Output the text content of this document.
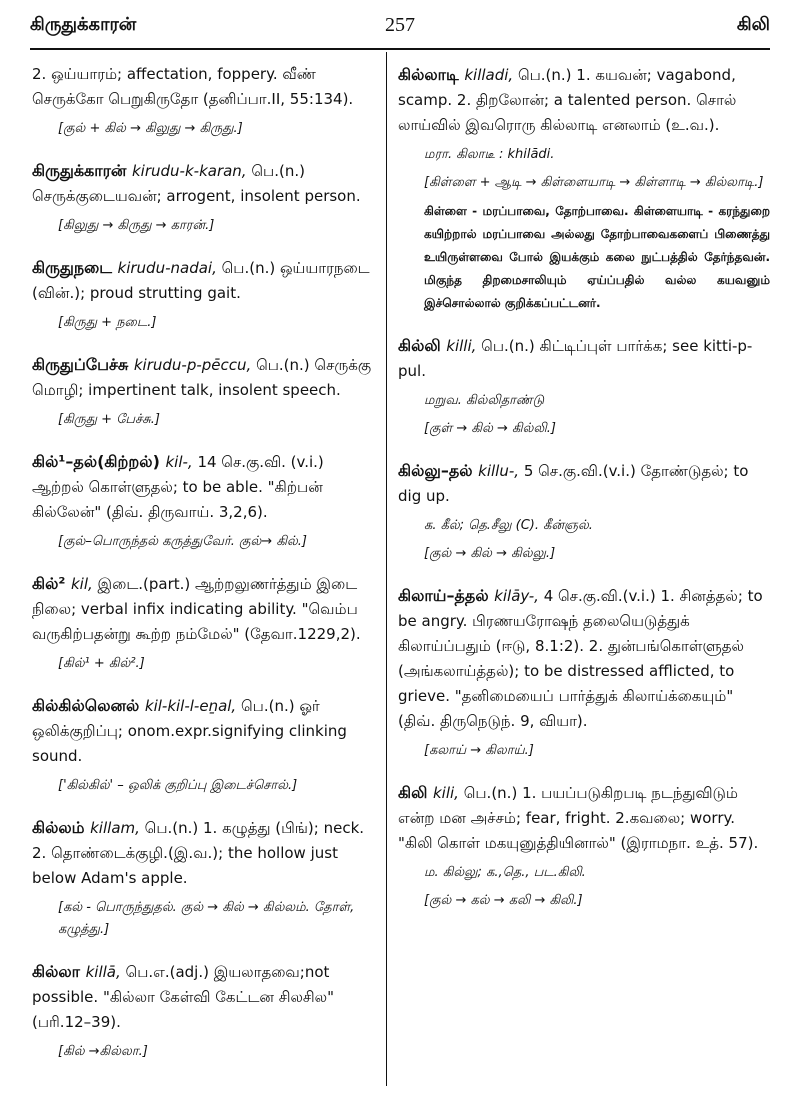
கிருதுக்காரன்	257	கிலி
2. ஒய்யாரம்; affectation, foppery. வீண் செருக்கோ பெறுகிருதோ (தனிப்பா.II, 55:134).
[குல் + கில் → கிலுது → கிருது.]
கிருதுக்காரன் kirudu-k-karan, பெ.(n.) செருக்குடையவன்; arrogent, insolent person.
[கிலுது → கிருது → காரன்.]
கிருதுநடை kirudu-nadai, பெ.(n.) ஒய்யாரநடை (வின்.); proud strutting gait.
[கிருது + நடை.]
கிருதுப்பேச்சு kirudu-p-pēccu, பெ.(n.) செருக்கு மொழி; impertinent talk, insolent speech.
[கிருது + பேச்சு.]
கில்¹–தல்(கிற்றல்) kil-, 14 செ.கு.வி. (v.i.) ஆற்றல் கொள்ளுதல்; to be able. "கிற்பன் கில்லேன்" (திவ். திருவாய். 3,2,6).
[குல்–பொருந்தல் கருத்துவேர். குல்→ கில்.]
கில்² kil, இடை.(part.) ஆற்றலுணர்த்தும் இடை நிலை; verbal infix indicating ability. "வெம்ப வருகிற்பதன்று கூற்ற நம்மேல்" (தேவா.1229,2).
[கில்¹ + கில்².]
கில்கில்லெனல் kil-kil-l-eṉal, பெ.(n.) ஓர் ஒலிக்குறிப்பு; onom.expr.signifying clinking sound.
['கில்கில்' – ஒலிக் குறிப்பு இடைச்சொல்.]
கில்லம் killam, பெ.(n.) 1. கழுத்து (பிங்); neck. 2. தொண்டைக்குழி.(இ.வ.); the hollow just below Adam's apple.
[கல் - பொருந்துதல். குல் → கில் → கில்லம். தோள், கழுத்து.]
கில்லா killā, பெ.எ.(adj.) இயலாதவை;not possible. "கில்லா கேள்வி கேட்டன சிலசில" (பரி.12–39).
[கில் →கில்லா.]
கில்லாடி killadi, பெ.(n.) 1. கயவன்; vagabond, scamp. 2. திறலோன்; a talented person. சொல் லாய்வில் இவரொரு கில்லாடி எனலாம் (உ.வ.).
மரா. கிலாடீ : khilādi.
[கிள்ளை + ஆடி → கிள்ளையாடி → கிள்ளாடி → கில்லாடி.]
கிள்ளை - மரப்பாவை, தோற்பாவை. கிள்ளையாடி - கரந்துறை கயிற்றால் மரப்பாவை அல்லது தோற்பாவைகளைப் பிணைத்து உயிருள்ளவை போல் இயக்கும் கலை நுட்பத்தில் தேர்ந்தவன். மிகுந்த திறமைசாலியும் ஏய்ப்பதில் வல்ல கயவனும் இச்சொல்லால் குறிக்கப்பட்டனர்.
கில்லி killi, பெ.(n.) கிட்டிப்புள் பார்க்க; see kitti-p-pul.
மறுவ. கில்லிதாண்டு
[குள் → கில் → கில்லி.]
கில்லு–தல் killu-, 5 செ.கு.வி.(v.i.) தோண்டுதல்; to dig up.
க. கீல்; தெ.சீலு (C). கீன்ஞல்.
[குல் → கில் → கில்லு.]
கிலாய்–த்தல் kilāy-, 4 செ.கு.வி.(v.i.) 1. சினத்தல்; to be angry. பிரணயரோஷந் தலையெடுத்துக் கிலாய்ப்பதும் (ஈடு, 8.1:2). 2. துன்பங்கொள்ளுதல் (அங்கலாய்த்தல்); to be distressed afflicted, to grieve. "தனிமையைப் பார்த்துக் கிலாய்க்கையும்" (திவ். திருநெடுந். 9, வியா).
[கலாய் → கிலாய்.]
கிலி kili, பெ.(n.) 1. பயப்படுகிறபடி நடந்துவிடும் என்ற மன அச்சம்; fear, fright. 2.கவலை; worry. "கிலி கொள் மகயுனுத்தியினால்" (இராமநா. உத். 57).
ம. கில்லு; க.,தெ., பட.கிலி.
[குல் → கல் → கலி → கிலி.]
